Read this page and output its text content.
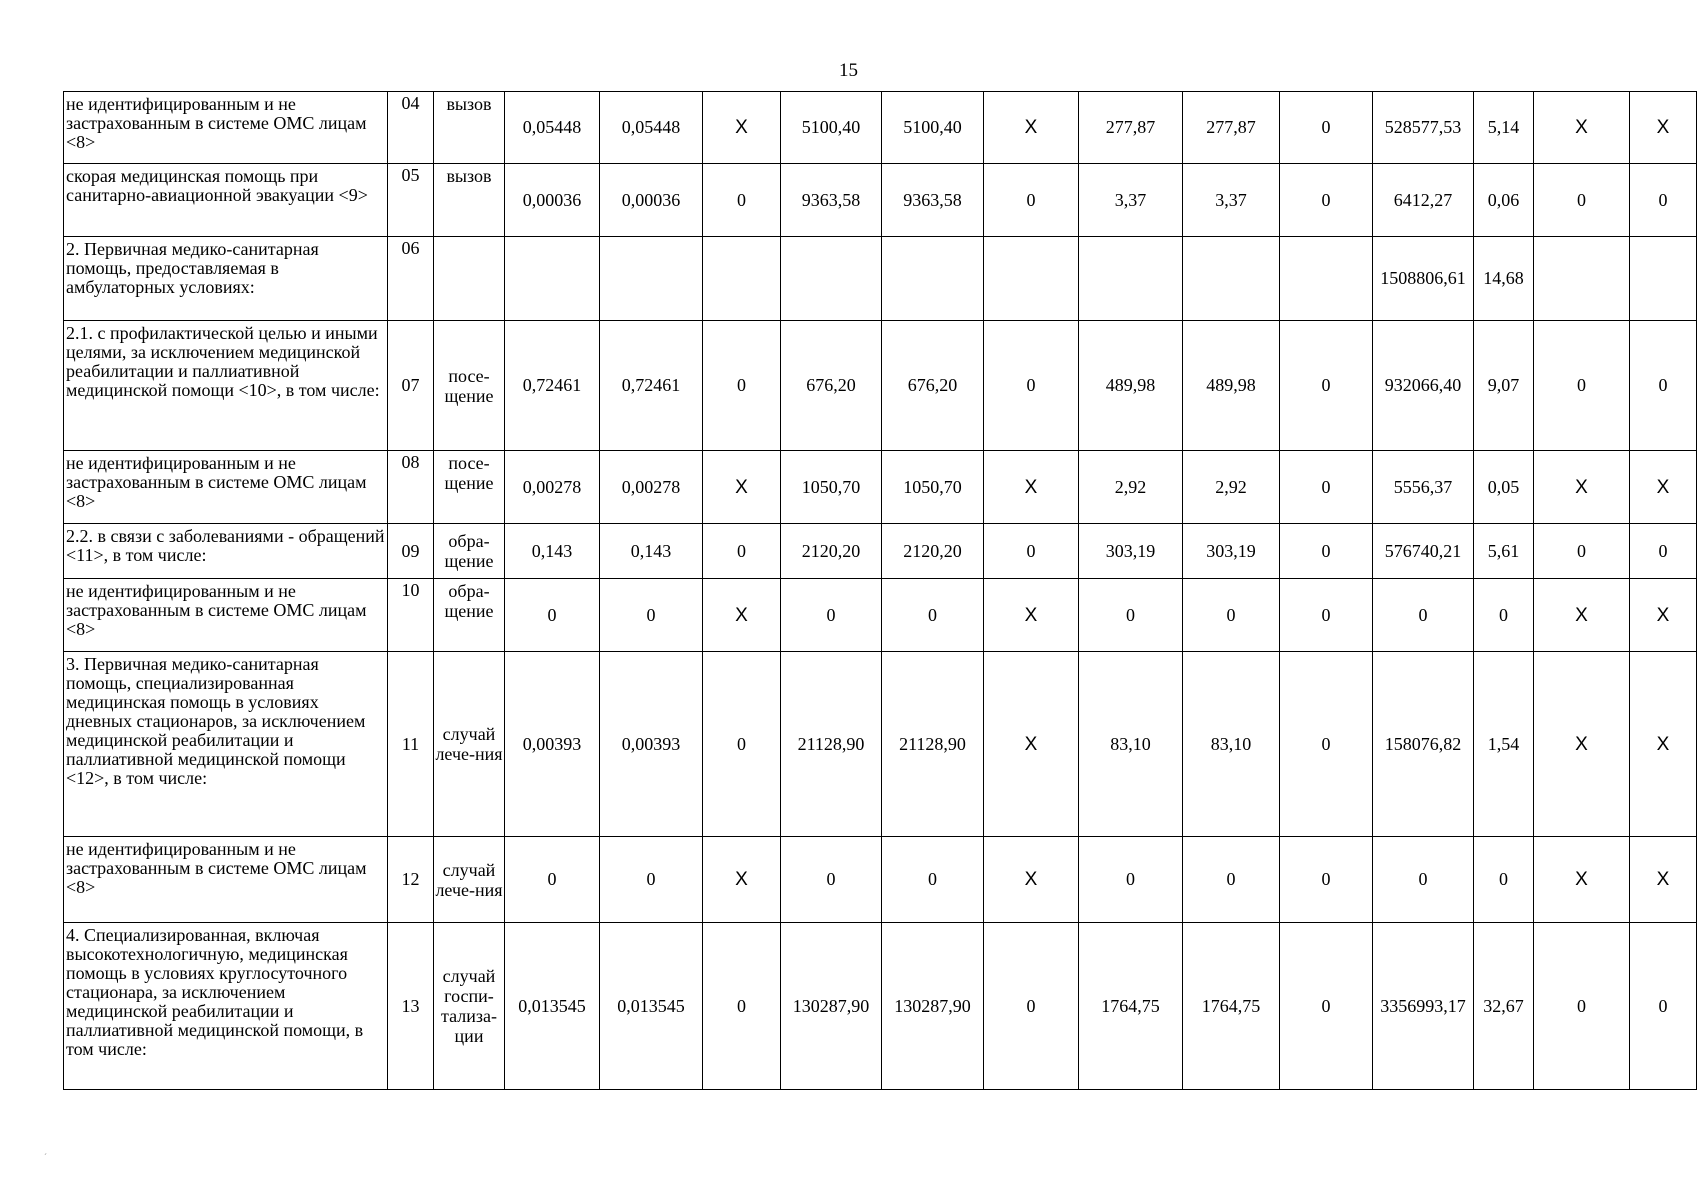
15
не идентифицированным и не застрахованным в системе ОМС лицам <8>	04	вызов	0,05448	0,05448	X	5100,40	5100,40	X	277,87	277,87	0	528577,53	5,14	X	X
скорая медицинская помощь при санитарно-авиационной эвакуации <9>	05	вызов	0,00036	0,00036	0	9363,58	9363,58	0	3,37	3,37	0	6412,27	0,06	0	0
2. Первичная медико-санитарная помощь, предоставляемая в амбулаторных условиях:	06											1508806,61	14,68		
2.1. с профилактической целью и иными целями, за исключением медицинской реабилитации и паллиативной медицинской помощи <10>, в том числе:	07	посе-щение	0,72461	0,72461	0	676,20	676,20	0	489,98	489,98	0	932066,40	9,07	0	0
не идентифицированным и не застрахованным в системе ОМС лицам <8>	08	посе-щение	0,00278	0,00278	X	1050,70	1050,70	X	2,92	2,92	0	5556,37	0,05	X	X
2.2. в связи с заболеваниями - обращений <11>, в том числе:	09	обра-щение	0,143	0,143	0	2120,20	2120,20	0	303,19	303,19	0	576740,21	5,61	0	0
не идентифицированным и не застрахованным в системе ОМС лицам <8>	10	обра-щение	0	0	X	0	0	X	0	0	0	0	0	X	X
3. Первичная медико-санитарная помощь, специализированная медицинская помощь в условиях дневных стационаров, за исключением медицинской реабилитации и паллиативной медицинской помощи <12>, в том числе:	11	случай лече-ния	0,00393	0,00393	0	21128,90	21128,90	X	83,10	83,10	0	158076,82	1,54	X	X
не идентифицированным и не застрахованным в системе ОМС лицам <8>	12	случай лече-ния	0	0	X	0	0	X	0	0	0	0	0	X	X
4. Специализированная, включая высокотехнологичную, медицинская помощь в условиях круглосуточного стационара, за исключением медицинской реабилитации и паллиативной медицинской помощи, в том числе:	13	случай госпи-тализа-ции	0,013545	0,013545	0	130287,90	130287,90	0	1764,75	1764,75	0	3356993,17	32,67	0	0
ˊ
